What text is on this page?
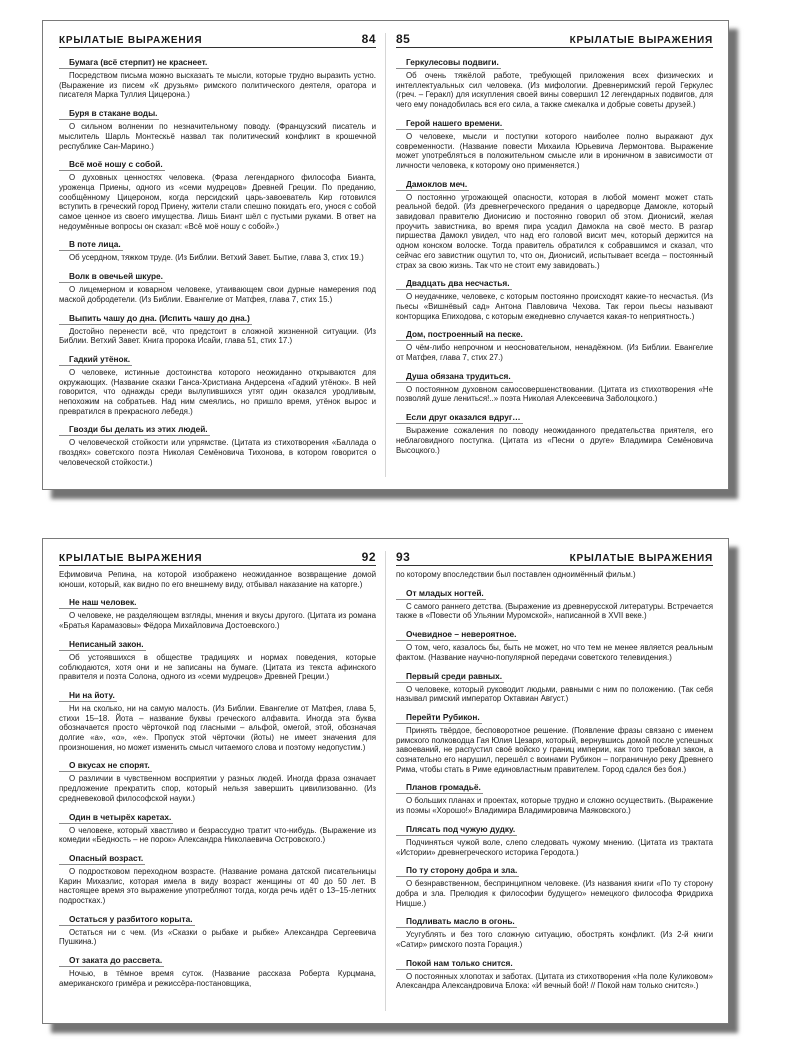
КРЫЛАТЫЕ ВЫРАЖЕНИЯ	84
Бумага (всё стерпит) не краснеет.

Посредством письма можно высказать те мысли, которые трудно выразить устно. (Выражение из писем «К друзьям» римского политического деятеля, оратора и писателя Марка Туллия Цицерона.)

Буря в стакане воды.

О сильном волнении по незначительному поводу. (Французский писатель и мыслитель Шарль Монтескьё назвал так политический конфликт в крошечной республике Сан-Марино.)

Всё моё ношу с собой.

О духовных ценностях человека. (Фраза легендарного философа Бианта, уроженца Приены, одного из «семи мудрецов» Древней Греции. По преданию, сообщённому Цицероном, когда персидский царь-завоеватель Кир готовился вступить в греческий город Приену, жители стали спешно покидать его, унося с собой самое ценное из своего имущества. Лишь Биант шёл с пустыми руками. В ответ на недоумённые вопросы он сказал: «Всё моё ношу с собой».)

В поте лица.

Об усердном, тяжком труде. (Из Библии. Ветхий Завет. Бытие, глава 3, стих 19.)

Волк в овечьей шкуре.

О лицемерном и коварном человеке, утаивающем свои дурные намерения под маской добродетели. (Из Библии. Евангелие от Матфея, глава 7, стих 15.)

Выпить чашу до дна. (Испить чашу до дна.)

Достойно перенести всё, что предстоит в сложной жизненной ситуации. (Из Библии. Ветхий Завет. Книга пророка Исайи, глава 51, стих 17.)

Гадкий утёнок.

О человеке, истинные достоинства которого неожиданно открываются для окружающих. (Название сказки Ганса-Христиана Андерсена «Гадкий утёнок». В ней говорится, что однажды среди вылупившихся утят один оказался уродливым, непохожим на собратьев. Над ним смеялись, но пришло время, утёнок вырос и превратился в прекрасного лебедя.)

Гвозди бы делать из этих людей.

О человеческой стойкости или упрямстве. (Цитата из стихотворения «Баллада о гвоздях» советского поэта Николая Семёновича Тихонова, в котором говорится о человеческой стойкости.)

85	КРЫЛАТЫЕ ВЫРАЖЕНИЯ
Геркулесовы подвиги.

Об очень тяжёлой работе, требующей приложения всех физических и интеллектуальных сил человека. (Из мифологии. Древнеримский герой Геркулес (греч. – Геракл) для искупления своей вины совершил 12 легендарных подвигов, для чего ему понадобилась вся его сила, а также смекалка и добрые советы друзей.)

Герой нашего времени.

О человеке, мысли и поступки которого наиболее полно выражают дух современности. (Название повести Михаила Юрьевича Лермонтова. Выражение может употребляться в положительном смысле или в ироничном в зависимости от личности человека, к которому оно применяется.)

Дамоклов меч.

О постоянно угрожающей опасности, которая в любой момент может стать реальной бедой. (Из древнегреческого предания о царедворце Дамокле, который завидовал правителю Дионисию и постоянно говорил об этом. Дионисий, желая проучить завистника, во время пира усадил Дамокла на своё место. В разгар пиршества Дамокл увидел, что над его головой висит меч, который держится на одном конском волоске. Тогда правитель обратился к собравшимся и сказал, что сейчас его завистник ощутил то, что он, Дионисий, испытывает всегда – постоянный страх за свою жизнь. Так что не стоит ему завидовать.)

Двадцать два несчастья.

О неудачнике, человеке, с которым постоянно происходят какие-то несчастья. (Из пьесы «Вишнёвый сад» Антона Павловича Чехова. Так герои пьесы называют конторщика Епиходова, с которым ежедневно случается какая-то неприятность.)

Дом, построенный на песке.

О чём-либо непрочном и неосновательном, ненадёжном. (Из Библии. Евангелие от Матфея, глава 7, стих 27.)

Душа обязана трудиться.

О постоянном духовном самосовершенствовании. (Цитата из стихотворения «Не позволяй душе лениться!..» поэта Николая Алексеевича Заболоцкого.)

Если друг оказался вдруг…

Выражение сожаления по поводу неожиданного предательства приятеля, его неблаговидного поступка. (Цитата из «Песни о друге» Владимира Семёновича Высоцкого.)

КРЫЛАТЫЕ ВЫРАЖЕНИЯ	92

Ефимовича Репина, на которой изображено неожиданное возвращение домой юноши, который, как видно по его внешнему виду, отбывал наказание на каторге.)

Не наш человек.

О человеке, не разделяющем взгляды, мнения и вкусы другого. (Цитата из романа «Братья Карамазовы» Фёдора Михайловича Достоевского.)

Неписаный закон.

Об устоявшихся в обществе традициях и нормах поведения, которые соблюдаются, хотя они и не записаны на бумаге. (Цитата из текста афинского правителя и поэта Солона, одного из «семи мудрецов» Древней Греции.)

Ни на йоту.

Ни на сколько, ни на самую малость. (Из Библии. Евангелие от Матфея, глава 5, стихи 15–18. Йота – название буквы греческого алфавита. Иногда эта буква обозначается просто чёрточкой под гласными – альфой, омегой, этой, обозначая долгие «а», «о», «е». Пропуск этой чёрточки (йоты) не имеет значения для произношения, но может изменить смысл читаемого слова и поэтому недопустим.)

О вкусах не спорят.

О различии в чувственном восприятии у разных людей. Иногда фраза означает предложение прекратить спор, который нельзя завершить цивилизованно. (Из средневековой философской науки.)

Один в четырёх каретах.

О человеке, который хвастливо и безрассудно тратит что-нибудь. (Выражение из комедии «Бедность – не порок» Александра Николаевича Островского.)

Опасный возраст.

О подростковом переходном возрасте. (Название романа датской писательницы Карин Михаэлис, которая имела в виду возраст женщины от 40 до 50 лет. В настоящее время это выражение употребляют тогда, когда речь идёт о 13–15-летних подростках.)

Остаться у разбитого корыта.

Остаться ни с чем. (Из «Сказки о рыбаке и рыбке» Александра Сергеевича Пушкина.)

От заката до рассвета.

Ночью, в тёмное время суток. (Название рассказа Роберта Курцмана, американского гримёра и режиссёра-постановщика,

93	КРЫЛАТЫЕ ВЫРАЖЕНИЯ

по которому впоследствии был поставлен одноимённый фильм.)

От младых ногтей.

С самого раннего детства. (Выражение из древнерусской литературы. Встречается также в «Повести об Ульянии Муромской», написанной в XVII веке.)

Очевидное – невероятное.

О том, чего, казалось бы, быть не может, но что тем не менее является реальным фактом. (Название научно-популярной передачи советского телевидения.)

Первый среди равных.

О человеке, который руководит людьми, равными с ним по положению. (Так себя называл римский император Октавиан Август.)

Перейти Рубикон.

Принять твёрдое, бесповоротное решение. (Появление фразы связано с именем римского полководца Гая Юлия Цезаря, который, вернувшись домой после успешных завоеваний, не распустил своё войско у границ империи, как того требовал закон, а сознательно его нарушил, перешёл с воинами Рубикон – пограничную реку Древнего Рима, чтобы стать в Риме единовластным правителем. Город сдался без боя.)

Планов громадьё.

О больших планах и проектах, которые трудно и сложно осуществить. (Выражение из поэмы «Хорошо!» Владимира Владимировича Маяковского.)

Плясать под чужую дудку.

Подчиняться чужой воле, слепо следовать чужому мнению. (Цитата из трактата «Истории» древнегреческого историка Геродота.)

По ту сторону добра и зла.

О безнравственном, беспринципном человеке. (Из названия книги «По ту сторону добра и зла. Прелюдия к философии будущего» немецкого философа Фридриха Ницше.)

Подливать масло в огонь.

Усугублять и без того сложную ситуацию, обострять конфликт. (Из 2-й книги «Сатир» римского поэта Горация.)

Покой нам только снится.

О постоянных хлопотах и заботах. (Цитата из стихотворения «На поле Куликовом» Александра Александровича Блока: «И вечный бой! // Покой нам только снится».)
